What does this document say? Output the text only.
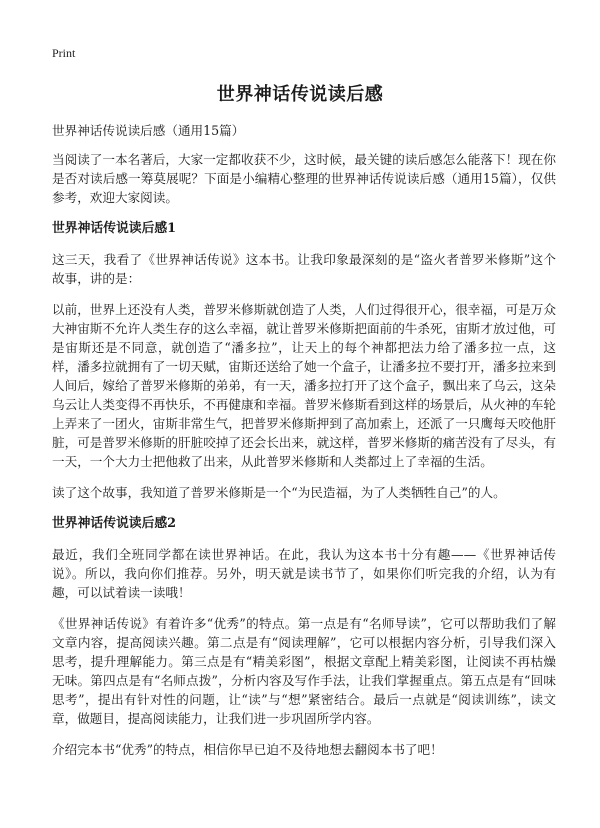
Print
世界神话传说读后感

世界神话传说读后感（通用15篇）

当阅读了一本名著后，大家一定都收获不少，这时候，最关键的读后感怎么能落下！现在你是否对读后感一筹莫展呢？下面是小编精心整理的世界神话传说读后感（通用15篇），仅供参考，欢迎大家阅读。

世界神话传说读后感1

这三天，我看了《世界神话传说》这本书。让我印象最深刻的是“盗火者普罗米修斯”这个故事，讲的是：

以前，世界上还没有人类，普罗米修斯就创造了人类，人们过得很开心，很幸福，可是万众大神宙斯不允许人类生存的这么幸福，就让普罗米修斯把面前的牛杀死，宙斯才放过他，可是宙斯还是不同意，就创造了“潘多拉”，让天上的每个神都把法力给了潘多拉一点，这样，潘多拉就拥有了一切天赋，宙斯还送给了她一个盒子，让潘多拉不要打开，潘多拉来到人间后，嫁给了普罗米修斯的弟弟，有一天，潘多拉打开了这个盒子，飘出来了乌云，这朵乌云让人类变得不再快乐，不再健康和幸福。普罗米修斯看到这样的场景后，从火神的车轮上弄来了一团火，宙斯非常生气，把普罗米修斯押到了高加索上，还派了一只鹰每天咬他肝脏，可是普罗米修斯的肝脏咬掉了还会长出来，就这样，普罗米修斯的痛苦没有了尽头，有一天，一个大力士把他救了出来，从此普罗米修斯和人类都过上了幸福的生活。

读了这个故事，我知道了普罗米修斯是一个“为民造福，为了人类牺牲自己”的人。

世界神话传说读后感2

最近，我们全班同学都在读世界神话。在此，我认为这本书十分有趣——《世界神话传说》。所以，我向你们推荐。另外，明天就是读书节了，如果你们听完我的介绍，认为有趣，可以试着读一读哦！

《世界神话传说》有着许多“优秀”的特点。第一点是有“名师导读”，它可以帮助我们了解文章内容，提高阅读兴趣。第二点是有“阅读理解”，它可以根据内容分析，引导我们深入思考，提升理解能力。第三点是有“精美彩图”，根据文章配上精美彩图，让阅读不再枯燥无味。第四点是有“名师点拨”，分析内容及写作手法，让我们掌握重点。第五点是有“回味思考”，提出有针对性的问题，让“读”与“想”紧密结合。最后一点就是“阅读训练”，读文章，做题目，提高阅读能力，让我们进一步巩固所学内容。

介绍完本书“优秀”的特点，相信你早已迫不及待地想去翻阅本书了吧！
